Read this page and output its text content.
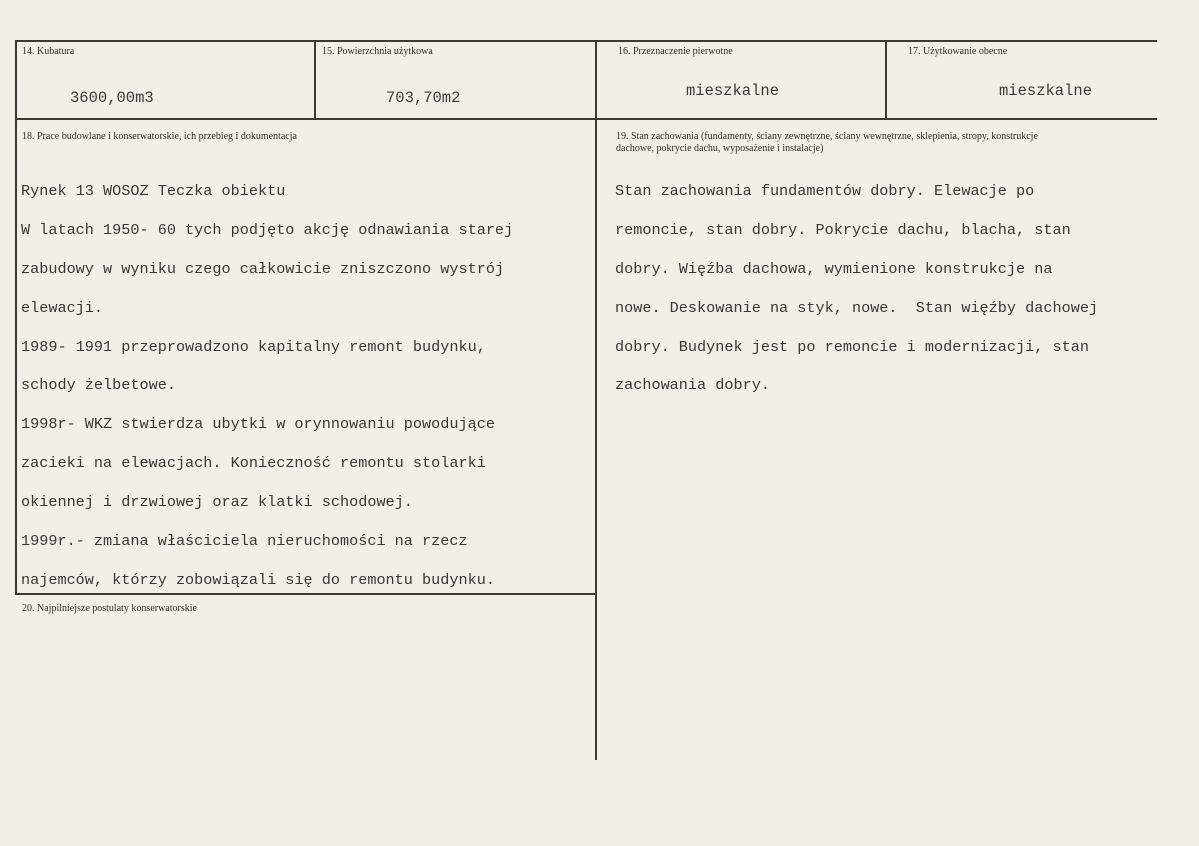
14. Kubatura
3600,00m3
15. Powierzchnia użytkowa
703,70m2
16. Przeznaczenie pierwotne
mieszkalne
17. Użytkowanie obecne
mieszkalne
18. Prace budowlane i konserwatorskie, ich przebieg i dokumentacja

Rynek 13 WOSOZ Teczka obiektu

W latach 1950- 60 tych podjęto akcję odnawiania starej

zabudowy w wyniku czego całkowicie zniszczono wystrój

elewacji.

1989- 1991 przeprowadzono kapitalny remont budynku,

schody żelbetowe.

1998r- WKZ stwierdza ubytki w orynnowaniu powodujące

zacieki na elewacjach. Konieczność remontu stolarki

okiennej i drzwiowej oraz klatki schodowej.

1999r.- zmiana właściciela nieruchomości na rzecz

najemców, którzy zobowiązali się do remontu budynku.

19. Stan zachowania (fundamenty, ściany zewnętrzne, ściany wewnętrzne, sklepienia, stropy, konstrukcje
dachowe, pokrycie dachu, wyposażenie i instalacje)

Stan zachowania fundamentów dobry. Elewacje po

remoncie, stan dobry. Pokrycie dachu, blacha, stan

dobry. Więźba dachowa, wymienione konstrukcje na

nowe. Deskowanie na styk, nowe.  Stan więźby dachowej

dobry. Budynek jest po remoncie i modernizacji, stan

zachowania dobry.

20. Najpilniejsze postulaty konserwatorskie
